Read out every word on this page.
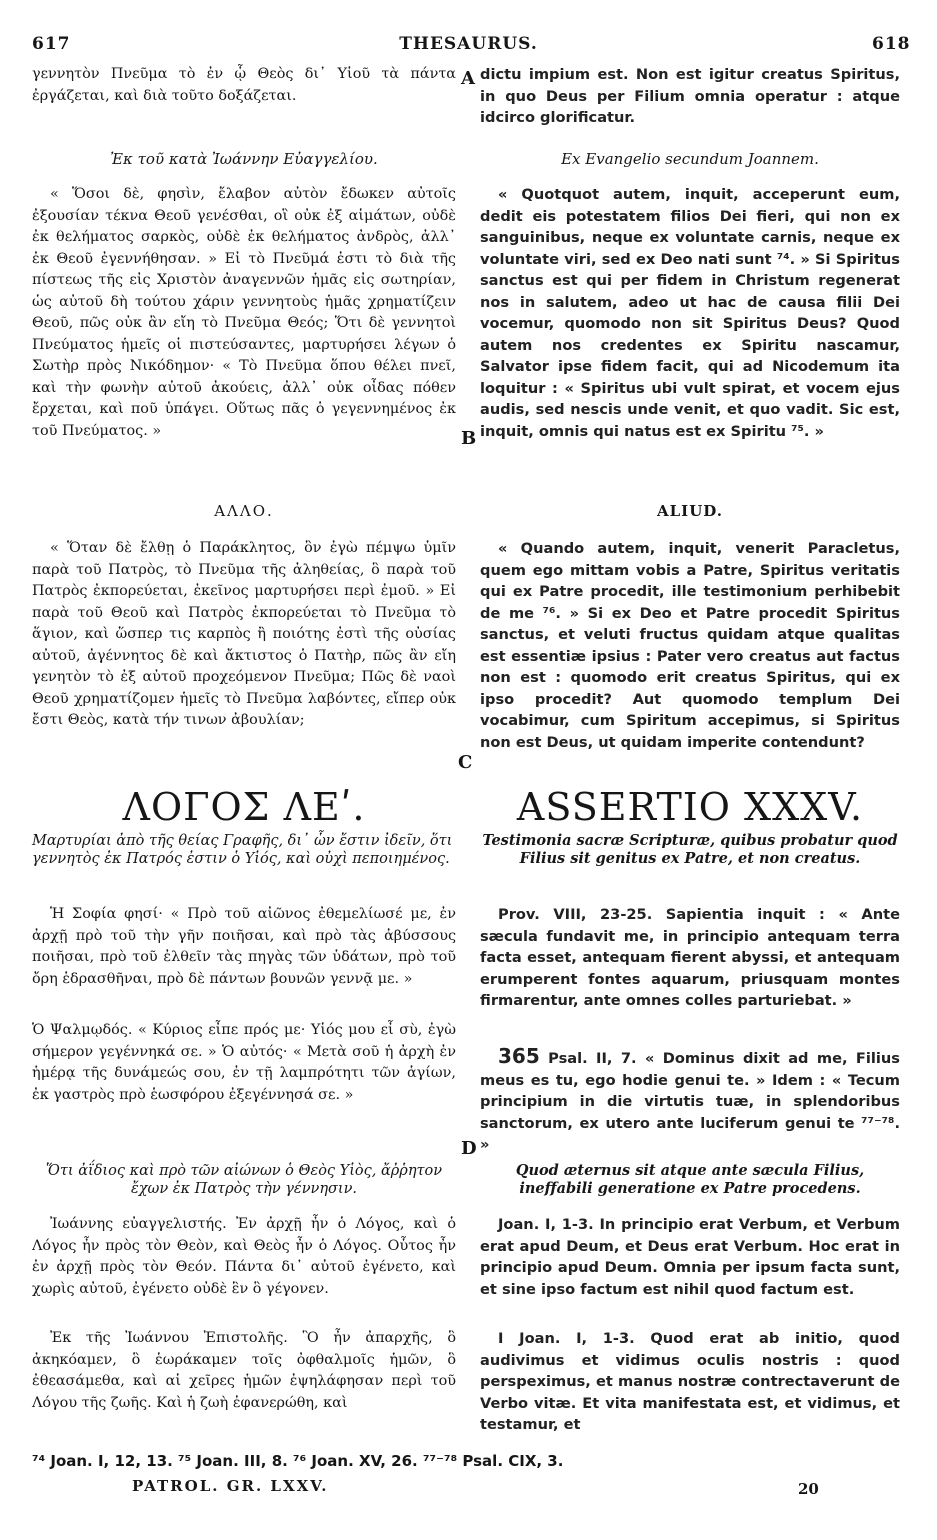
617	THESAURUS.	618
A
B
C
D

γεννητὸν Πνεῦμα τὸ ἐν ᾧ Θεὸς δι᾿ Υἱοῦ τὰ πάντα ἐργάζεται, καὶ διὰ τοῦτο δοξάζεται.

Ἐκ τοῦ κατὰ Ἰωάννην Εὐαγγελίου.

« Ὅσοι δὲ, φησὶν, ἔλαβον αὐτὸν ἔδωκεν αὐτοῖς ἐξουσίαν τέκνα Θεοῦ γενέσθαι, οἳ οὐκ ἐξ αἱμάτων, οὐδὲ ἐκ θελήματος σαρκὸς, οὐδὲ ἐκ θελήματος ἀνδρὸς, ἀλλ᾿ ἐκ Θεοῦ ἐγεννήθησαν. » Εἰ τὸ Πνεῦμά ἐστι τὸ διὰ τῆς πίστεως τῆς εἰς Χριστὸν ἀναγεννῶν ἡμᾶς εἰς σωτηρίαν, ὡς αὐτοῦ δὴ τούτου χάριν γεννητοὺς ἡμᾶς χρηματίζειν Θεοῦ, πῶς οὐκ ἂν εἴη τὸ Πνεῦμα Θεός; Ὅτι δὲ γεννητοὶ Πνεύματος ἡμεῖς οἱ πιστεύσαντες, μαρτυρήσει λέγων ὁ Σωτὴρ πρὸς Νικόδημον· « Τὸ Πνεῦμα ὅπου θέλει πνεῖ, καὶ τὴν φωνὴν αὐτοῦ ἀκούεις, ἀλλ᾿ οὐκ οἶδας πόθεν ἔρχεται, καὶ ποῦ ὑπάγει. Οὕτως πᾶς ὁ γεγεννημένος ἐκ τοῦ Πνεύματος. »

ΑΛΛΟ.

« Ὅταν δὲ ἔλθῃ ὁ Παράκλητος, ὃν ἐγὼ πέμψω ὑμῖν παρὰ τοῦ Πατρὸς, τὸ Πνεῦμα τῆς ἀληθείας, ὃ παρὰ τοῦ Πατρὸς ἐκπορεύεται, ἐκεῖνος μαρτυρήσει περὶ ἐμοῦ. » Εἰ παρὰ τοῦ Θεοῦ καὶ Πατρὸς ἐκπορεύεται τὸ Πνεῦμα τὸ ἅγιον, καὶ ὥσπερ τις καρπὸς ἢ ποιότης ἐστὶ τῆς οὐσίας αὐτοῦ, ἀγέννητος δὲ καὶ ἄκτιστος ὁ Πατὴρ, πῶς ἂν εἴη γενητὸν τὸ ἐξ αὐτοῦ προχεόμενον Πνεῦμα; Πῶς δὲ ναοὶ Θεοῦ χρηματίζομεν ἡμεῖς τὸ Πνεῦμα λαβόντες, εἴπερ οὐκ ἔστι Θεὸς, κατὰ τήν τινων ἀβουλίαν;

ΛΟΓΟΣ ΛΕʹ.
Μαρτυρίαι ἀπὸ τῆς θείας Γραφῆς, δι᾿ ὧν ἔστιν ἰδεῖν, ὅτι γεννητὸς ἐκ Πατρός ἐστιν ὁ Υἱός, καὶ οὐχὶ πεποιημένος.

Ἡ Σοφία φησί· « Πρὸ τοῦ αἰῶνος ἐθεμελίωσέ με, ἐν ἀρχῇ πρὸ τοῦ τὴν γῆν ποιῆσαι, καὶ πρὸ τὰς ἀβύσσους ποιῆσαι, πρὸ τοῦ ἐλθεῖν τὰς πηγὰς τῶν ὑδάτων, πρὸ τοῦ ὄρη ἑδρασθῆναι, πρὸ δὲ πάντων βουνῶν γεννᾷ με. »

Ὁ Ψαλμῳδός. « Κύριος εἶπε πρός με· Υἱός μου εἶ σὺ, ἐγὼ σήμερον γεγέννηκά σε. » Ὁ αὐτός· « Μετὰ σοῦ ἡ ἀρχὴ ἐν ἡμέρᾳ τῆς δυνάμεώς σου, ἐν τῇ λαμπρότητι τῶν ἁγίων, ἐκ γαστρὸς πρὸ ἑωσφόρου ἐξεγέννησά σε. »

Ὅτι ἀΐδιος καὶ πρὸ τῶν αἰώνων ὁ Θεὸς Υἱὸς, ἄῤῥητον ἔχων ἐκ Πατρὸς τὴν γέννησιν.

Ἰωάννης εὐαγγελιστής. Ἐν ἀρχῇ ἦν ὁ Λόγος, καὶ ὁ Λόγος ἦν πρὸς τὸν Θεὸν, καὶ Θεὸς ἦν ὁ Λόγος. Οὗτος ἦν ἐν ἀρχῇ πρὸς τὸν Θεόν. Πάντα δι᾿ αὐτοῦ ἐγένετο, καὶ χωρὶς αὐτοῦ, ἐγένετο οὐδὲ ἓν ὃ γέγονεν.

Ἐκ τῆς Ἰωάννου Ἐπιστολῆς. Ὃ ἦν ἀπαρχῆς, ὃ ἀκηκόαμεν, ὃ ἑωράκαμεν τοῖς ὀφθαλμοῖς ἡμῶν, ὃ ἐθεασάμεθα, καὶ αἱ χεῖρες ἡμῶν ἐψηλάφησαν περὶ τοῦ Λόγου τῆς ζωῆς. Καὶ ἡ ζωὴ ἐφανερώθη, καὶ

dictu impium est. Non est igitur creatus Spiritus, in quo Deus per Filium omnia operatur : atque idcirco glorificatur.

Ex Evangelio secundum Joannem.

« Quotquot autem, inquit, acceperunt eum, dedit eis potestatem filios Dei fieri, qui non ex sanguinibus, neque ex voluntate carnis, neque ex voluntate viri, sed ex Deo nati sunt ⁷⁴. » Si Spiritus sanctus est qui per fidem in Christum regenerat nos in salutem, adeo ut hac de causa filii Dei vocemur, quomodo non sit Spiritus Deus? Quod autem nos credentes ex Spiritu nascamur, Salvator ipse fidem facit, qui ad Nicodemum ita loquitur : « Spiritus ubi vult spirat, et vocem ejus audis, sed nescis unde venit, et quo vadit. Sic est, inquit, omnis qui natus est ex Spiritu ⁷⁵. »

ALIUD.

« Quando autem, inquit, venerit Paracletus, quem ego mittam vobis a Patre, Spiritus veritatis qui ex Patre procedit, ille testimonium perhibebit de me ⁷⁶. » Si ex Deo et Patre procedit Spiritus sanctus, et veluti fructus quidam atque qualitas est essentiæ ipsius : Pater vero creatus aut factus non est : quomodo erit creatus Spiritus, qui ex ipso procedit? Aut quomodo templum Dei vocabimur, cum Spiritum accepimus, si Spiritus non est Deus, ut quidam imperite contendunt?

ASSERTIO XXXV.
Testimonia sacræ Scripturæ, quibus probatur quod Filius sit genitus ex Patre, et non creatus.

Prov. VIII, 23-25. Sapientia inquit : « Ante sæcula fundavit me, in principio antequam terra facta esset, antequam fierent abyssi, et antequam erumperent fontes aquarum, priusquam montes firmarentur, ante omnes colles parturiebat. »

365 Psal. II, 7. « Dominus dixit ad me, Filius meus es tu, ego hodie genui te. » Idem : « Tecum principium in die virtutis tuæ, in splendoribus sanctorum, ex utero ante luciferum genui te ⁷⁷⁻⁷⁸. »

Quod æternus sit atque ante sæcula Filius, ineffabili generatione ex Patre procedens.

Joan. I, 1-3. In principio erat Verbum, et Verbum erat apud Deum, et Deus erat Verbum. Hoc erat in principio apud Deum. Omnia per ipsum facta sunt, et sine ipso factum est nihil quod factum est.

I Joan. I, 1-3. Quod erat ab initio, quod audivimus et vidimus oculis nostris : quod perspeximus, et manus nostræ contrectaverunt de Verbo vitæ. Et vita manifestata est, et vidimus, et testamur, et

⁷⁴ Joan. I, 12, 13. ⁷⁵ Joan. III, 8. ⁷⁶ Joan. XV, 26. ⁷⁷⁻⁷⁸ Psal. CIX, 3.
PATROL. GR. LXXV.	20
